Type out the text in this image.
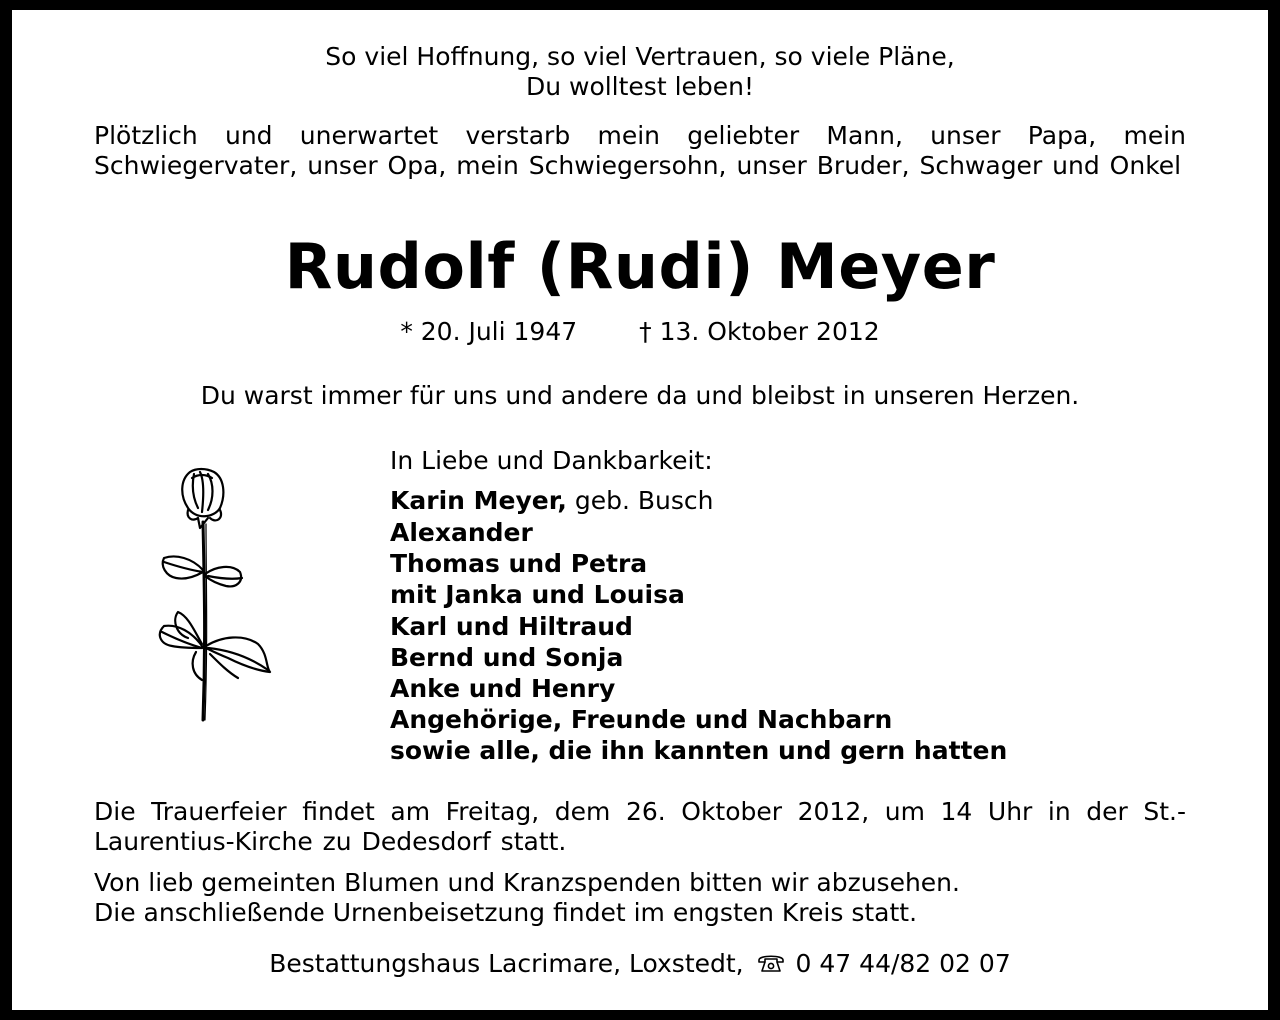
So viel Hoffnung, so viel Vertrauen, so viele Pläne,
Du wolltest leben!
Plötzlich und unerwartet verstarb mein geliebter Mann, unser Papa, mein Schwiegervater, unser Opa, mein Schwiegersohn, unser Bruder, Schwager und Onkel
Rudolf (Rudi) Meyer
* 20. Juli 1947 † 13. Oktober 2012
Du warst immer für uns und andere da und bleibst in unseren Herzen.
In Liebe und Dankbarkeit:
Karin Meyer, geb. Busch
Alexander
Thomas und Petra
mit Janka und Louisa
Karl und Hiltraud
Bernd und Sonja
Anke und Henry
Angehörige, Freunde und Nachbarn
sowie alle, die ihn kannten und gern hatten
Die Trauerfeier findet am Freitag, dem 26. Oktober 2012, um 14 Uhr in der St.-Laurentius-Kirche zu Dedesdorf statt.
Von lieb gemeinten Blumen und Kranzspenden bitten wir abzusehen.
Die anschließende Urnenbeisetzung findet im engsten Kreis statt.
Bestattungshaus Lacrimare, Loxstedt, 0 47 44/82 02 07
